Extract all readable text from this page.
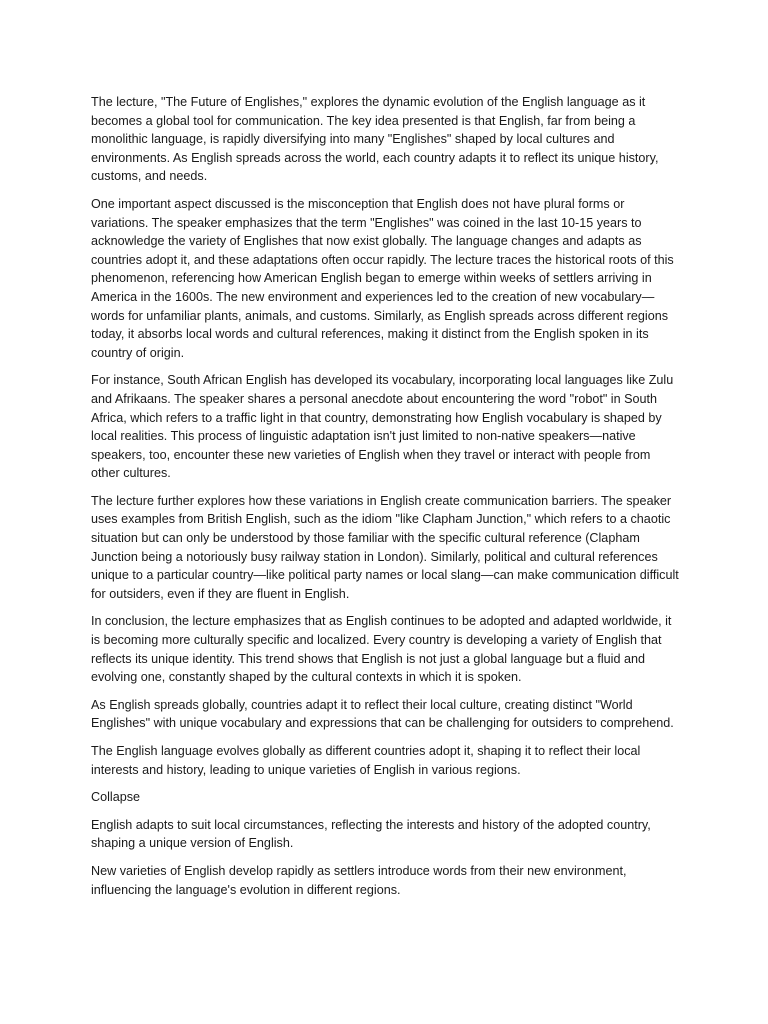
The lecture, "The Future of Englishes," explores the dynamic evolution of the English language as it becomes a global tool for communication. The key idea presented is that English, far from being a monolithic language, is rapidly diversifying into many "Englishes" shaped by local cultures and environments. As English spreads across the world, each country adapts it to reflect its unique history, customs, and needs.

One important aspect discussed is the misconception that English does not have plural forms or variations. The speaker emphasizes that the term "Englishes" was coined in the last 10-15 years to acknowledge the variety of Englishes that now exist globally. The language changes and adapts as countries adopt it, and these adaptations often occur rapidly. The lecture traces the historical roots of this phenomenon, referencing how American English began to emerge within weeks of settlers arriving in America in the 1600s. The new environment and experiences led to the creation of new vocabulary—words for unfamiliar plants, animals, and customs. Similarly, as English spreads across different regions today, it absorbs local words and cultural references, making it distinct from the English spoken in its country of origin.

For instance, South African English has developed its vocabulary, incorporating local languages like Zulu and Afrikaans. The speaker shares a personal anecdote about encountering the word "robot" in South Africa, which refers to a traffic light in that country, demonstrating how English vocabulary is shaped by local realities. This process of linguistic adaptation isn't just limited to non-native speakers—native speakers, too, encounter these new varieties of English when they travel or interact with people from other cultures.

The lecture further explores how these variations in English create communication barriers. The speaker uses examples from British English, such as the idiom "like Clapham Junction," which refers to a chaotic situation but can only be understood by those familiar with the specific cultural reference (Clapham Junction being a notoriously busy railway station in London). Similarly, political and cultural references unique to a particular country—like political party names or local slang—can make communication difficult for outsiders, even if they are fluent in English.

In conclusion, the lecture emphasizes that as English continues to be adopted and adapted worldwide, it is becoming more culturally specific and localized. Every country is developing a variety of English that reflects its unique identity. This trend shows that English is not just a global language but a fluid and evolving one, constantly shaped by the cultural contexts in which it is spoken.

As English spreads globally, countries adapt it to reflect their local culture, creating distinct "World Englishes" with unique vocabulary and expressions that can be challenging for outsiders to comprehend.

The English language evolves globally as different countries adopt it, shaping it to reflect their local interests and history, leading to unique varieties of English in various regions.

Collapse

English adapts to suit local circumstances, reflecting the interests and history of the adopted country, shaping a unique version of English.

New varieties of English develop rapidly as settlers introduce words from their new environment, influencing the language's evolution in different regions.
